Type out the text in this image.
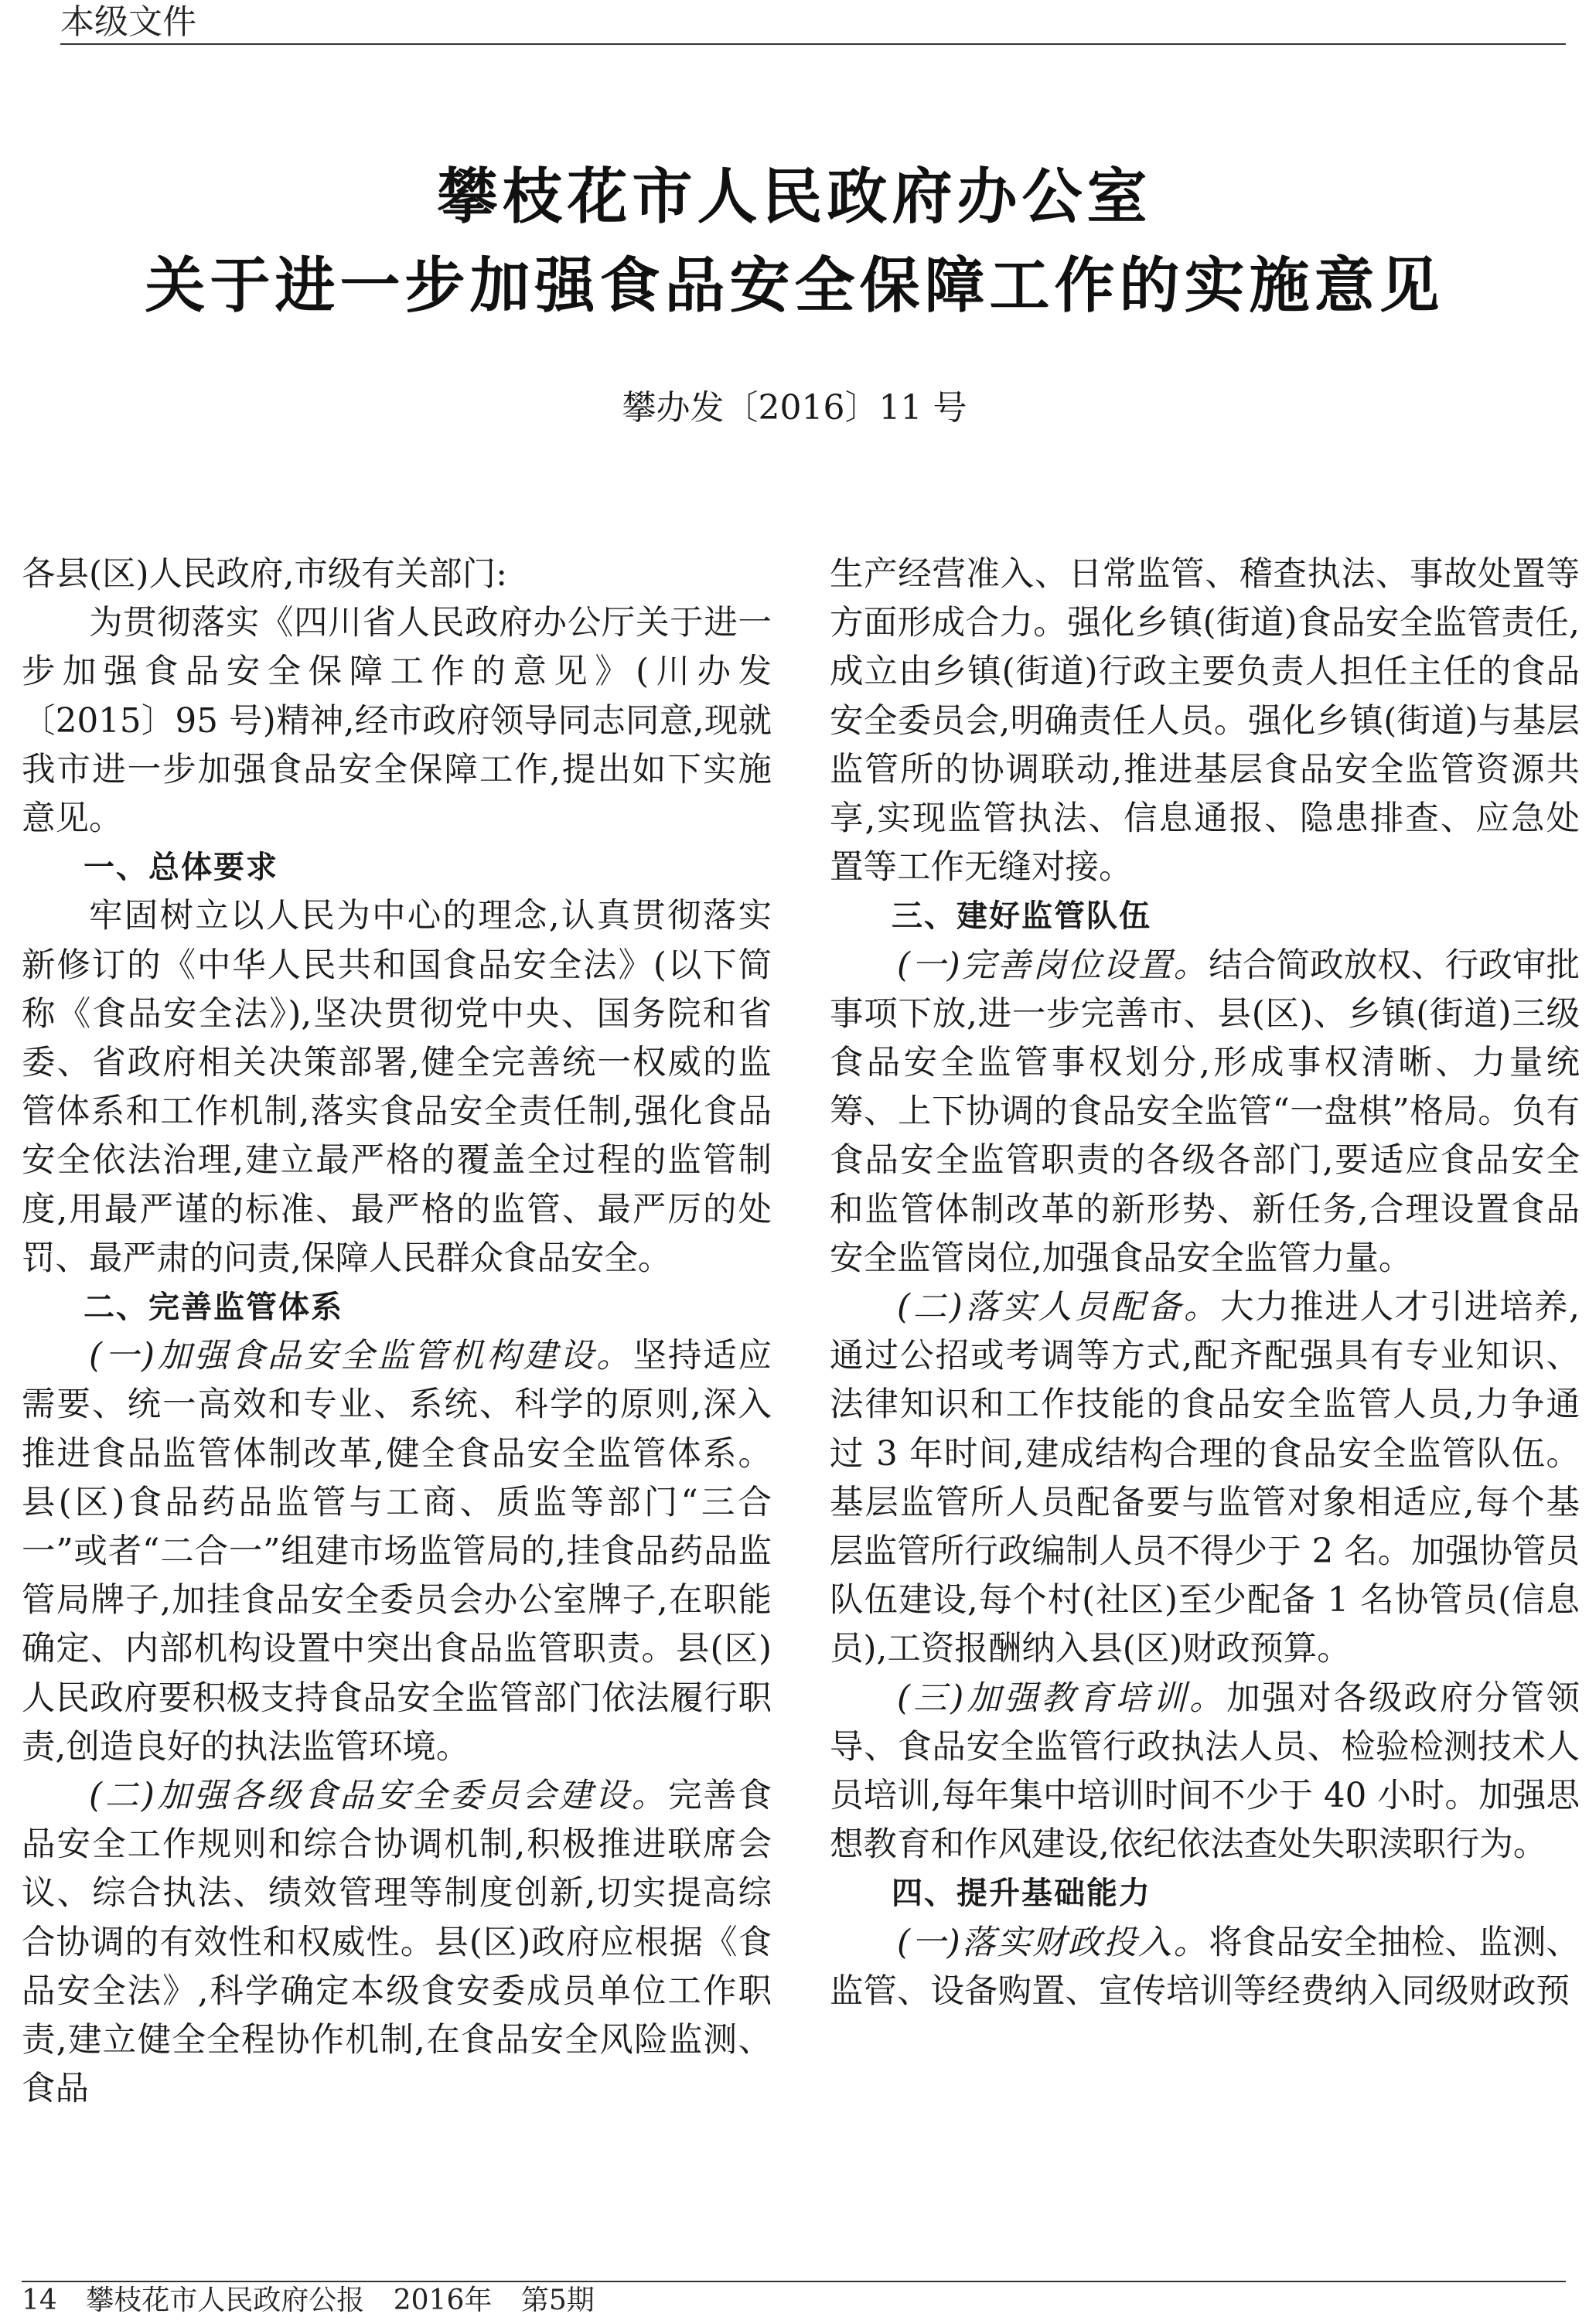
本级文件
攀枝花市人民政府办公室
关于进一步加强食品安全保障工作的实施意见
攀办发〔2016〕11 号

各县(区)人民政府,市级有关部门:

为贯彻落实《四川省人民政府办公厅关于进一步加强食品安全保障工作的意见》(川办发〔2015〕95 号)精神,经市政府领导同志同意,现就我市进一步加强食品安全保障工作,提出如下实施意见。

一、总体要求

牢固树立以人民为中心的理念,认真贯彻落实新修订的《中华人民共和国食品安全法》(以下简称《食品安全法》),坚决贯彻党中央、国务院和省委、省政府相关决策部署,健全完善统一权威的监管体系和工作机制,落实食品安全责任制,强化食品安全依法治理,建立最严格的覆盖全过程的监管制度,用最严谨的标准、最严格的监管、最严厉的处罚、最严肃的问责,保障人民群众食品安全。

二、完善监管体系

(一)加强食品安全监管机构建设。坚持适应需要、统一高效和专业、系统、科学的原则,深入推进食品监管体制改革,健全食品安全监管体系。县(区)食品药品监管与工商、质监等部门“三合一”或者“二合一”组建市场监管局的,挂食品药品监管局牌子,加挂食品安全委员会办公室牌子,在职能确定、内部机构设置中突出食品监管职责。县(区)人民政府要积极支持食品安全监管部门依法履行职责,创造良好的执法监管环境。

(二)加强各级食品安全委员会建设。完善食品安全工作规则和综合协调机制,积极推进联席会议、综合执法、绩效管理等制度创新,切实提高综合协调的有效性和权威性。县(区)政府应根据《食品安全法》,科学确定本级食安委成员单位工作职责,建立健全全程协作机制,在食品安全风险监测、食品

生产经营准入、日常监管、稽查执法、事故处置等方面形成合力。强化乡镇(街道)食品安全监管责任,成立由乡镇(街道)行政主要负责人担任主任的食品安全委员会,明确责任人员。强化乡镇(街道)与基层监管所的协调联动,推进基层食品安全监管资源共享,实现监管执法、信息通报、隐患排查、应急处置等工作无缝对接。

三、建好监管队伍

(一)完善岗位设置。结合简政放权、行政审批事项下放,进一步完善市、县(区)、乡镇(街道)三级食品安全监管事权划分,形成事权清晰、力量统筹、上下协调的食品安全监管“一盘棋”格局。负有食品安全监管职责的各级各部门,要适应食品安全和监管体制改革的新形势、新任务,合理设置食品安全监管岗位,加强食品安全监管力量。

(二)落实人员配备。大力推进人才引进培养,通过公招或考调等方式,配齐配强具有专业知识、法律知识和工作技能的食品安全监管人员,力争通过 3 年时间,建成结构合理的食品安全监管队伍。基层监管所人员配备要与监管对象相适应,每个基层监管所行政编制人员不得少于 2 名。加强协管员队伍建设,每个村(社区)至少配备 1 名协管员(信息员),工资报酬纳入县(区)财政预算。

(三)加强教育培训。加强对各级政府分管领导、食品安全监管行政执法人员、检验检测技术人员培训,每年集中培训时间不少于 40 小时。加强思想教育和作风建设,依纪依法查处失职渎职行为。

四、提升基础能力

(一)落实财政投入。将食品安全抽检、监测、监管、设备购置、宣传培训等经费纳入同级财政预

14 攀枝花市人民政府公报 2016年 第5期
